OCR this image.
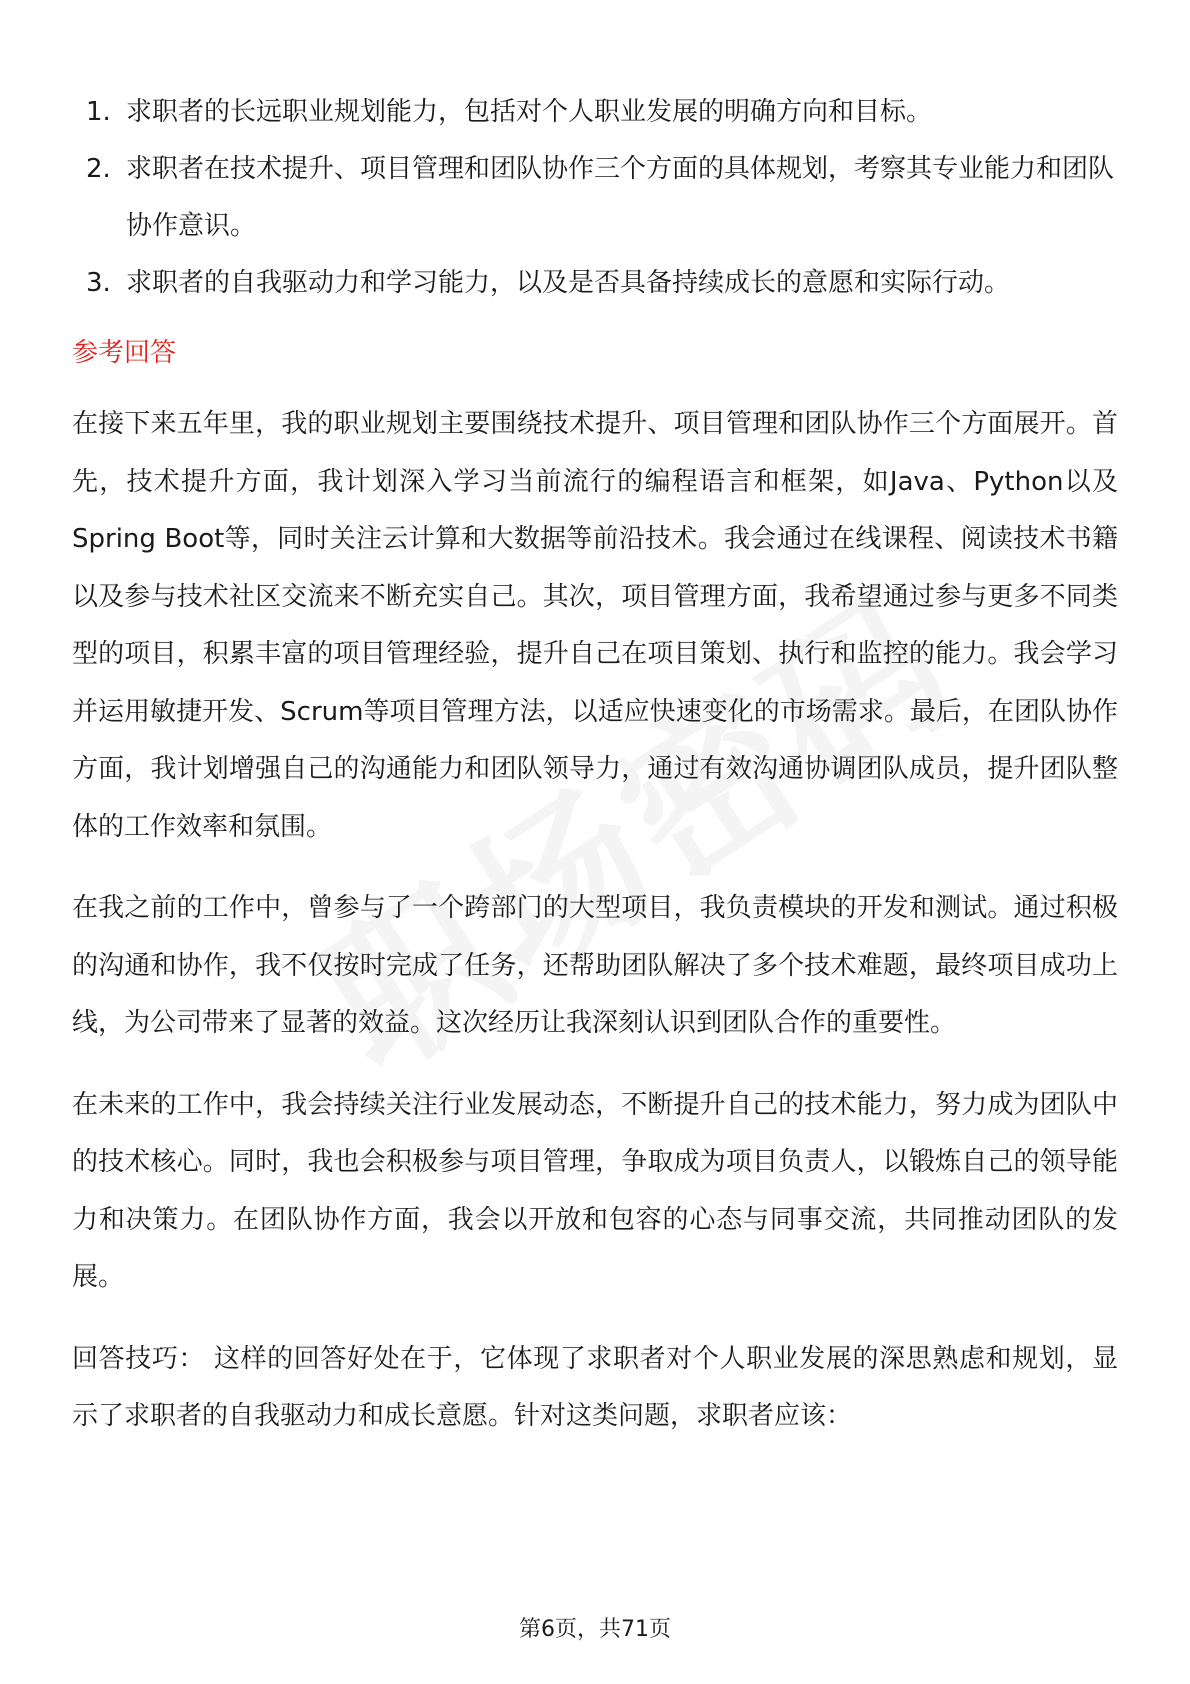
1. 求职者的长远职业规划能力，包括对个人职业发展的明确方向和目标。
2. 求职者在技术提升、项目管理和团队协作三个方面的具体规划，考察其专业能力和团队协作意识。
3. 求职者的自我驱动力和学习能力，以及是否具备持续成长的意愿和实际行动。
参考回答

在接下来五年里，我的职业规划主要围绕技术提升、项目管理和团队协作三个方面展开。首先，技术提升方面，我计划深入学习当前流行的编程语言和框架，如Java、Python以及Spring Boot等，同时关注云计算和大数据等前沿技术。我会通过在线课程、阅读技术书籍以及参与技术社区交流来不断充实自己。其次，项目管理方面，我希望通过参与更多不同类型的项目，积累丰富的项目管理经验，提升自己在项目策划、执行和监控的能力。我会学习并运用敏捷开发、Scrum等项目管理方法，以适应快速变化的市场需求。最后，在团队协作方面，我计划增强自己的沟通能力和团队领导力，通过有效沟通协调团队成员，提升团队整体的工作效率和氛围。

在我之前的工作中，曾参与了一个跨部门的大型项目，我负责模块的开发和测试。通过积极的沟通和协作，我不仅按时完成了任务，还帮助团队解决了多个技术难题，最终项目成功上线，为公司带来了显著的效益。这次经历让我深刻认识到团队合作的重要性。

在未来的工作中，我会持续关注行业发展动态，不断提升自己的技术能力，努力成为团队中的技术核心。同时，我也会积极参与项目管理，争取成为项目负责人，以锻炼自己的领导能力和决策力。在团队协作方面，我会以开放和包容的心态与同事交流，共同推动团队的发展。

回答技巧： 这样的回答好处在于，它体现了求职者对个人职业发展的深思熟虑和规划，显示了求职者的自我驱动力和成长意愿。针对这类问题，求职者应该：

第6页，共71页
